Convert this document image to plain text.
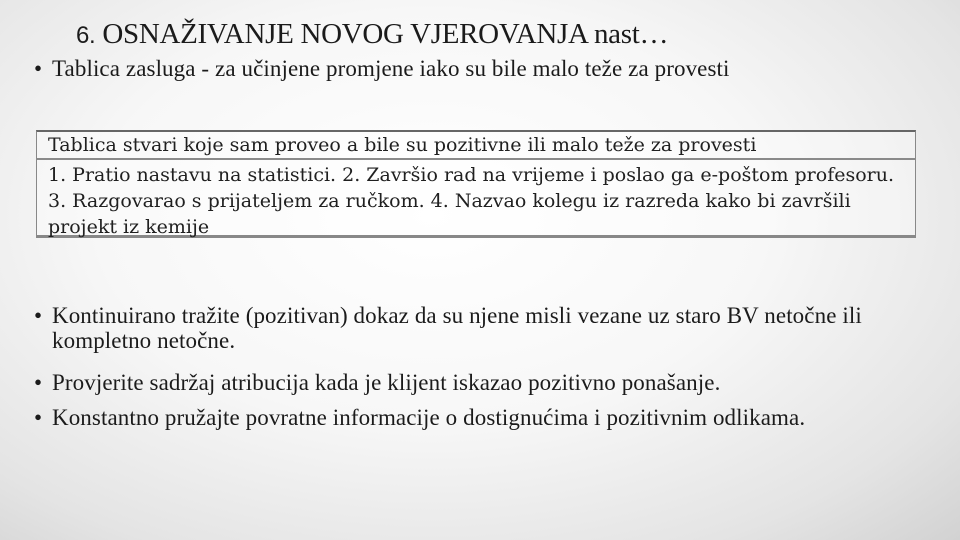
6. OSNAŽIVANJE NOVOG VJEROVANJA nast…

• Tablica zasluga - za učinjene promjene iako su bile malo teže za provesti

Tablica stvari koje sam proveo a bile su pozitivne ili malo teže za provesti
1. Pratio nastavu na statistici. 2. Završio rad na vrijeme i poslao ga e-poštom profesoru. 3. Razgovarao s prijateljem za ručkom. 4. Nazvao kolegu iz razreda kako bi završili projekt iz kemije

• Kontinuirano tražite (pozitivan) dokaz da su njene misli vezane uz staro BV netočne ili kompletno netočne.

• Provjerite sadržaj atribucija kada je klijent iskazao pozitivno ponašanje.

• Konstantno pružajte povratne informacije o dostignućima i pozitivnim odlikama.
